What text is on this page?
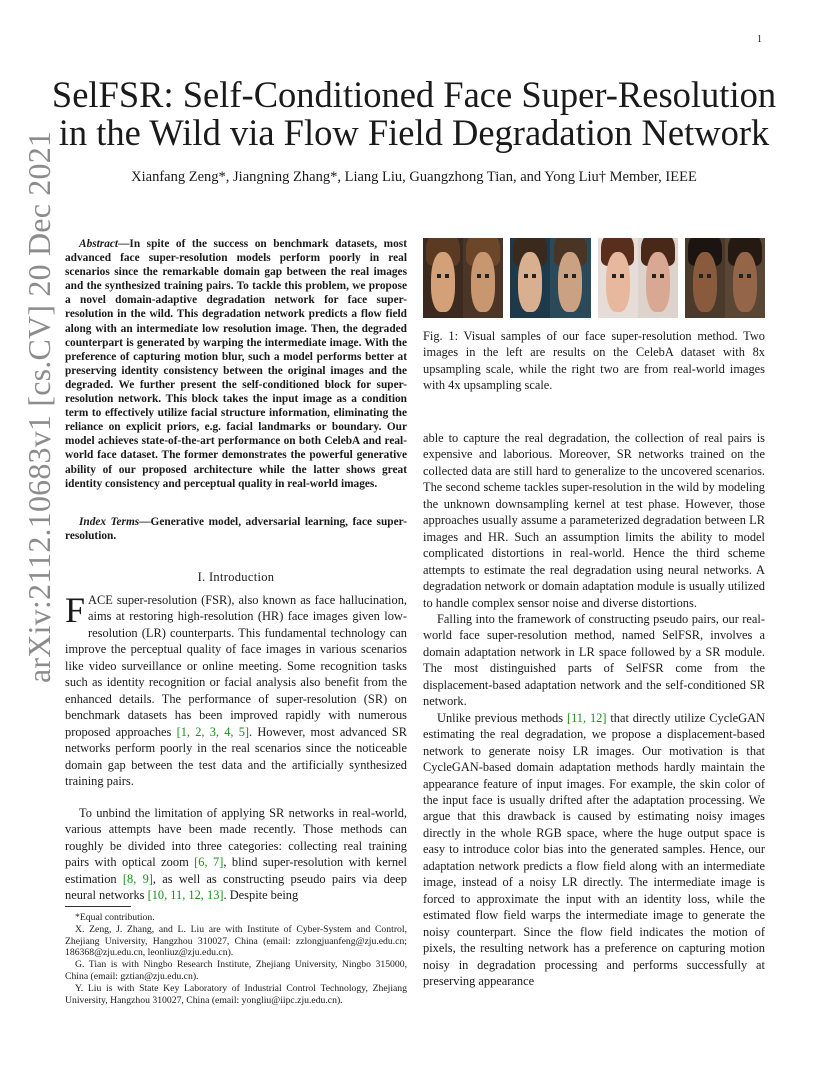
1
arXiv:2112.10683v1 [cs.CV] 20 Dec 2021
SelFSR: Self-Conditioned Face Super-Resolution in the Wild via Flow Field Degradation Network
Xianfang Zeng*, Jiangning Zhang*, Liang Liu, Guangzhong Tian, and Yong Liu† Member, IEEE
Abstract—In spite of the success on benchmark datasets, most advanced face super-resolution models perform poorly in real scenarios since the remarkable domain gap between the real images and the synthesized training pairs. To tackle this problem, we propose a novel domain-adaptive degradation network for face super-resolution in the wild. This degradation network predicts a flow field along with an intermediate low resolution image. Then, the degraded counterpart is generated by warping the intermediate image. With the preference of capturing motion blur, such a model performs better at preserving identity consistency between the original images and the degraded. We further present the self-conditioned block for super-resolution network. This block takes the input image as a condition term to effectively utilize facial structure information, eliminating the reliance on explicit priors, e.g. facial landmarks or boundary. Our model achieves state-of-the-art performance on both CelebA and real-world face dataset. The former demonstrates the powerful generative ability of our proposed architecture while the latter shows great identity consistency and perceptual quality in real-world images.
Index Terms—Generative model, adversarial learning, face super-resolution.
I. Introduction

FACE super-resolution (FSR), also known as face hallucination, aims at restoring high-resolution (HR) face images given low-resolution (LR) counterparts. This fundamental technology can improve the perceptual quality of face images in various scenarios like video surveillance or online meeting. Some recognition tasks such as identity recognition or facial analysis also benefit from the enhanced details. The performance of super-resolution (SR) on benchmark datasets has been improved rapidly with numerous proposed approaches [1, 2, 3, 4, 5]. However, most advanced SR networks perform poorly in the real scenarios since the noticeable domain gap between the test data and the artificially synthesized training pairs.

To unbind the limitation of applying SR networks in real-world, various attempts have been made recently. Those methods can roughly be divided into three categories: collecting real training pairs with optical zoom [6, 7], blind super-resolution with kernel estimation [8, 9], as well as constructing pseudo pairs via deep neural networks [10, 11, 12, 13]. Despite being

*Equal contribution.

X. Zeng, J. Zhang, and L. Liu are with Institute of Cyber-System and Control, Zhejiang University, Hangzhou 310027, China (email: zzlongjuanfeng@zju.edu.cn; 186368@zju.edu.cn, leonliuz@zju.edu.cn).

G. Tian is with Ningbo Research Institute, Zhejiang University, Ningbo 315000, China (email: gztian@zju.edu.cn).

Y. Liu is with State Key Laboratory of Industrial Control Technology, Zhejiang University, Hangzhou 310027, China (email: yongliu@iipc.zju.edu.cn).

Fig. 1: Visual samples of our face super-resolution method. Two images in the left are results on the CelebA dataset with 8x upsampling scale, while the right two are from real-world images with 4x upsampling scale.

able to capture the real degradation, the collection of real pairs is expensive and laborious. Moreover, SR networks trained on the collected data are still hard to generalize to the uncovered scenarios. The second scheme tackles super-resolution in the wild by modeling the unknown downsampling kernel at test phase. However, those approaches usually assume a parameterized degradation between LR images and HR. Such an assumption limits the ability to model complicated distortions in real-world. Hence the third scheme attempts to estimate the real degradation using neural networks. A degradation network or domain adaptation module is usually utilized to handle complex sensor noise and diverse distortions.

Falling into the framework of constructing pseudo pairs, our real-world face super-resolution method, named SelFSR, involves a domain adaptation network in LR space followed by a SR module. The most distinguished parts of SelFSR come from the displacement-based adaptation network and the self-conditioned SR network.

Unlike previous methods [11, 12] that directly utilize CycleGAN estimating the real degradation, we propose a displacement-based network to generate noisy LR images. Our motivation is that CycleGAN-based domain adaptation methods hardly maintain the appearance feature of input images. For example, the skin color of the input face is usually drifted after the adaptation processing. We argue that this drawback is caused by estimating noisy images directly in the whole RGB space, where the huge output space is easy to introduce color bias into the generated samples. Hence, our adaptation network predicts a flow field along with an intermediate image, instead of a noisy LR directly. The intermediate image is forced to approximate the input with an identity loss, while the estimated flow field warps the intermediate image to generate the noisy counterpart. Since the flow field indicates the motion of pixels, the resulting network has a preference on capturing motion noisy in degradation processing and performs successfully at preserving appearance
